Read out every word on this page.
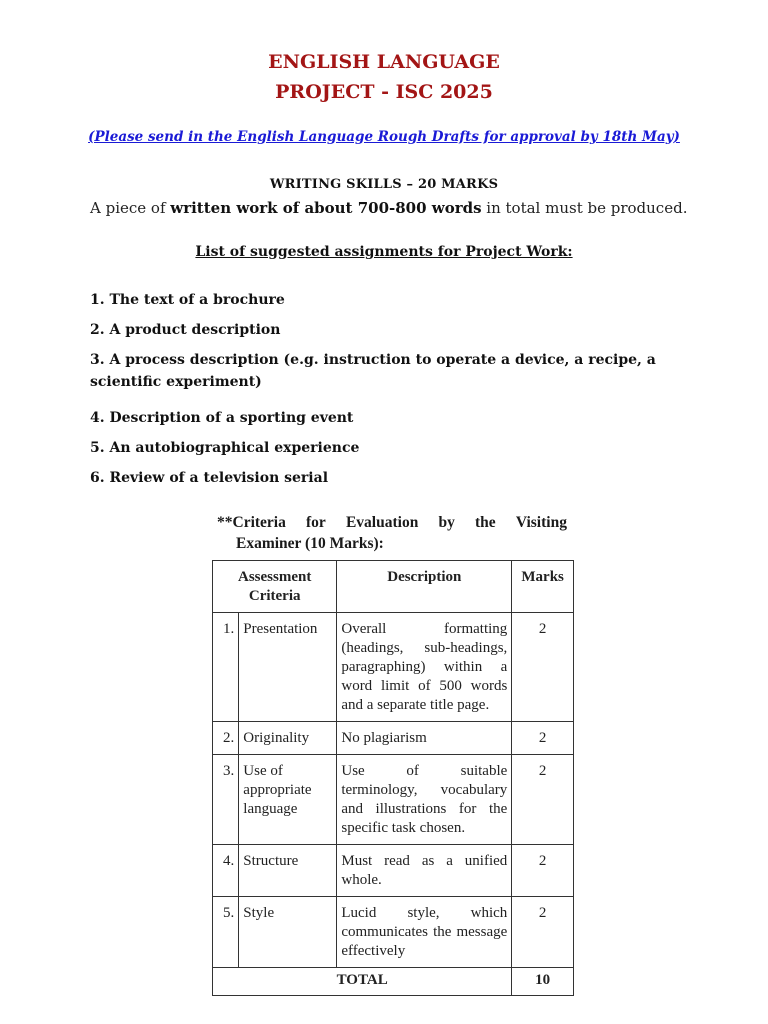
ENGLISH LANGUAGE
PROJECT - ISC 2025
(Please send in the English Language Rough Drafts for approval by 18th May)
WRITING SKILLS – 20 MARKS
A piece of written work of about 700-800 words in total must be produced.
List of suggested assignments for Project Work:
1. The text of a brochure
2. A product description
3. A process description (e.g. instruction to operate a device, a recipe, a scientific experiment)
4. Description of a sporting event
5. An autobiographical experience
6. Review of a television serial
**Criteria for Evaluation by the Visiting
Examiner (10 Marks):
Assessment Criteria		Description	Marks
1.	Presentation	Overall formatting (headings, sub-headings, paragraphing) within a word limit of 500 words and a separate title page.	2
2.	Originality	No plagiarism	2
3.	Use of appropriate language	Use of suitable terminology, vocabulary and illustrations for the specific task chosen.	2
4.	Structure	Must read as a unified whole.	2
5.	Style	Lucid style, which communicates the message effectively	2
TOTAL			10
